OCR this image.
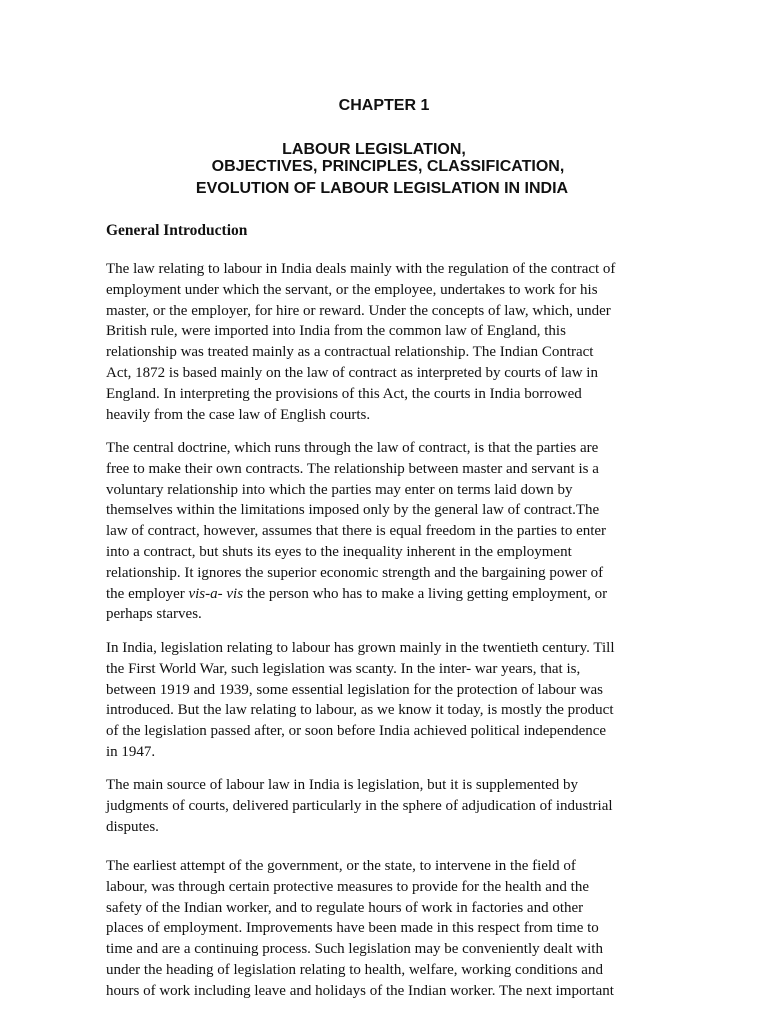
CHAPTER 1
LABOUR LEGISLATION,
OBJECTIVES, PRINCIPLES, CLASSIFICATION,
EVOLUTION OF LABOUR LEGISLATION IN INDIA
General Introduction

The law relating to labour in India deals mainly with the regulation of the contract of
employment under which the servant, or the employee, undertakes to work for his
master, or the employer, for hire or reward. Under the concepts of law, which, under
British rule, were imported into India from the common law of England, this
relationship was treated mainly as a contractual relationship. The Indian Contract
Act, 1872 is based mainly on the law of contract as interpreted by courts of law in
England. In interpreting the provisions of this Act, the courts in India borrowed
heavily from the case law of English courts.

The central doctrine, which runs through the law of contract, is that the parties are
free to make their own contracts. The relationship between master and servant is a
voluntary relationship into which the parties may enter on terms laid down by
themselves within the limitations imposed only by the general law of contract.The
law of contract, however, assumes that there is equal freedom in the parties to enter
into a contract, but shuts its eyes to the inequality inherent in the employment
relationship. It ignores the superior economic strength and the bargaining power of
the employer vis-a- vis the person who has to make a living getting employment, or
perhaps starves.

In India, legislation relating to labour has grown mainly in the twentieth century. Till
the First World War, such legislation was scanty. In the inter- war years, that is,
between 1919 and 1939, some essential legislation for the protection of labour was
introduced. But the law relating to labour, as we know it today, is mostly the product
of the legislation passed after, or soon before India achieved political independence
in 1947.

The main source of labour law in India is legislation, but it is supplemented by
judgments of courts, delivered particularly in the sphere of adjudication of industrial
disputes.

The earliest attempt of the government, or the state, to intervene in the field of
labour, was through certain protective measures to provide for the health and the
safety of the Indian worker, and to regulate hours of work in factories and other
places of employment. Improvements have been made in this respect from time to
time and are a continuing process. Such legislation may be conveniently dealt with
under the heading of legislation relating to health, welfare, working conditions and
hours of work including leave and holidays of the Indian worker. The next important
